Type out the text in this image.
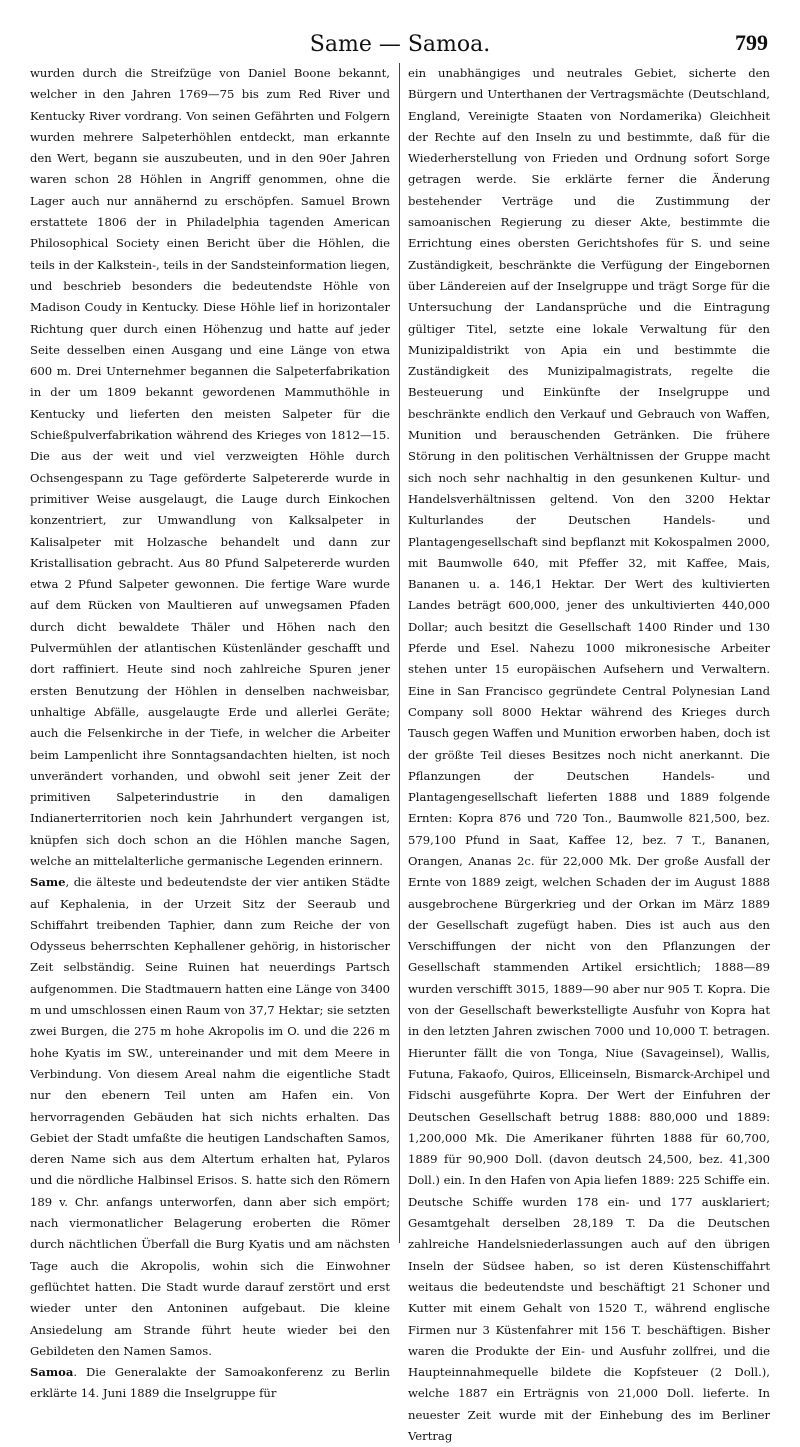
Same — Samoa.	799

wurden durch die Streifzüge von Daniel Boone bekannt, welcher in den Jahren 1769—75 bis zum Red River und Kentucky River vordrang. Von seinen Gefährten und Folgern wurden mehrere Salpeterhöhlen entdeckt, man erkannte den Wert, begann sie auszubeuten, und in den 90er Jahren waren schon 28 Höhlen in Angriff genommen, ohne die Lager auch nur annähernd zu erschöpfen. Samuel Brown erstattete 1806 der in Philadelphia tagenden American Philosophical Society einen Bericht über die Höhlen, die teils in der Kalkstein-, teils in der Sandsteinformation liegen, und beschrieb besonders die bedeutendste Höhle von Madison Coudy in Kentucky. Diese Höhle lief in horizontaler Richtung quer durch einen Höhenzug und hatte auf jeder Seite desselben einen Ausgang und eine Länge von etwa 600 m. Drei Unternehmer begannen die Salpeterfabrikation in der um 1809 bekannt gewordenen Mammuthöhle in Kentucky und lieferten den meisten Salpeter für die Schießpulverfabrikation während des Krieges von 1812—15. Die aus der weit und viel verzweigten Höhle durch Ochsengespann zu Tage geförderte Salpetererde wurde in primitiver Weise ausgelaugt, die Lauge durch Einkochen konzentriert, zur Umwandlung von Kalksalpeter in Kalisalpeter mit Holzasche behandelt und dann zur Kristallisation gebracht. Aus 80 Pfund Salpetererde wurden etwa 2 Pfund Salpeter gewonnen. Die fertige Ware wurde auf dem Rücken von Maultieren auf unwegsamen Pfaden durch dicht bewaldete Thäler und Höhen nach den Pulvermühlen der atlantischen Küstenländer geschafft und dort raffiniert. Heute sind noch zahlreiche Spuren jener ersten Benutzung der Höhlen in denselben nachweisbar, unhaltige Abfälle, ausgelaugte Erde und allerlei Geräte; auch die Felsenkirche in der Tiefe, in welcher die Arbeiter beim Lampenlicht ihre Sonntagsandachten hielten, ist noch unverändert vorhanden, und obwohl seit jener Zeit der primitiven Salpeterindustrie in den damaligen Indianerterritorien noch kein Jahrhundert vergangen ist, knüpfen sich doch schon an die Höhlen manche Sagen, welche an mittelalterliche germanische Legenden erinnern.

Same, die älteste und bedeutendste der vier antiken Städte auf Kephalenia, in der Urzeit Sitz der Seeraub und Schiffahrt treibenden Taphier, dann zum Reiche der von Odysseus beherrschten Kephallener gehörig, in historischer Zeit selbständig. Seine Ruinen hat neuerdings Partsch aufgenommen. Die Stadtmauern hatten eine Länge von 3400 m und umschlossen einen Raum von 37,7 Hektar; sie setzten zwei Burgen, die 275 m hohe Akropolis im O. und die 226 m hohe Kyatis im SW., untereinander und mit dem Meere in Verbindung. Von diesem Areal nahm die eigentliche Stadt nur den ebenern Teil unten am Hafen ein. Von hervorragenden Gebäuden hat sich nichts erhalten. Das Gebiet der Stadt umfaßte die heutigen Landschaften Samos, deren Name sich aus dem Altertum erhalten hat, Pylaros und die nördliche Halbinsel Erisos. S. hatte sich den Römern 189 v. Chr. anfangs unterworfen, dann aber sich empört; nach viermonatlicher Belagerung eroberten die Römer durch nächtlichen Überfall die Burg Kyatis und am nächsten Tage auch die Akropolis, wohin sich die Einwohner geflüchtet hatten. Die Stadt wurde darauf zerstört und erst wieder unter den Antoninen aufgebaut. Die kleine Ansiedelung am Strande führt heute wieder bei den Gebildeten den Namen Samos.

Samoa. Die Generalakte der Samoakonferenz zu Berlin erklärte 14. Juni 1889 die Inselgruppe für

ein unabhängiges und neutrales Gebiet, sicherte den Bürgern und Unterthanen der Vertragsmächte (Deutschland, England, Vereinigte Staaten von Nordamerika) Gleichheit der Rechte auf den Inseln zu und bestimmte, daß für die Wiederherstellung von Frieden und Ordnung sofort Sorge getragen werde. Sie erklärte ferner die Änderung bestehender Verträge und die Zustimmung der samoanischen Regierung zu dieser Akte, bestimmte die Errichtung eines obersten Gerichtshofes für S. und seine Zuständigkeit, beschränkte die Verfügung der Eingebornen über Ländereien auf der Inselgruppe und trägt Sorge für die Untersuchung der Landansprüche und die Eintragung gültiger Titel, setzte eine lokale Verwaltung für den Munizipaldistrikt von Apia ein und bestimmte die Zuständigkeit des Munizipalmagistrats, regelte die Besteuerung und Einkünfte der Inselgruppe und beschränkte endlich den Verkauf und Gebrauch von Waffen, Munition und berauschenden Getränken. Die frühere Störung in den politischen Verhältnissen der Gruppe macht sich noch sehr nachhaltig in den gesunkenen Kultur- und Handelsverhältnissen geltend. Von den 3200 Hektar Kulturlandes der Deutschen Handels- und Plantagengesellschaft sind bepflanzt mit Kokospalmen 2000, mit Baumwolle 640, mit Pfeffer 32, mit Kaffee, Mais, Bananen u. a. 146,1 Hektar. Der Wert des kultivierten Landes beträgt 600,000, jener des unkultivierten 440,000 Dollar; auch besitzt die Gesellschaft 1400 Rinder und 130 Pferde und Esel. Nahezu 1000 mikronesische Arbeiter stehen unter 15 europäischen Aufsehern und Verwaltern. Eine in San Francisco gegründete Central Polynesian Land Company soll 8000 Hektar während des Krieges durch Tausch gegen Waffen und Munition erworben haben, doch ist der größte Teil dieses Besitzes noch nicht anerkannt. Die Pflanzungen der Deutschen Handels- und Plantagengesellschaft lieferten 1888 und 1889 folgende Ernten: Kopra 876 und 720 Ton., Baumwolle 821,500, bez. 579,100 Pfund in Saat, Kaffee 12, bez. 7 T., Bananen, Orangen, Ananas 2c. für 22,000 Mk. Der große Ausfall der Ernte von 1889 zeigt, welchen Schaden der im August 1888 ausgebrochene Bürgerkrieg und der Orkan im März 1889 der Gesellschaft zugefügt haben. Dies ist auch aus den Verschiffungen der nicht von den Pflanzungen der Gesellschaft stammenden Artikel ersichtlich; 1888—89 wurden verschifft 3015, 1889—90 aber nur 905 T. Kopra. Die von der Gesellschaft bewerkstelligte Ausfuhr von Kopra hat in den letzten Jahren zwischen 7000 und 10,000 T. betragen. Hierunter fällt die von Tonga, Niue (Savageinsel), Wallis, Futuna, Fakaofo, Quiros, Elliceinseln, Bismarck-Archipel und Fidschi ausgeführte Kopra. Der Wert der Einfuhren der Deutschen Gesellschaft betrug 1888: 880,000 und 1889: 1,200,000 Mk. Die Amerikaner führten 1888 für 60,700, 1889 für 90,900 Doll. (davon deutsch 24,500, bez. 41,300 Doll.) ein. In den Hafen von Apia liefen 1889: 225 Schiffe ein. Deutsche Schiffe wurden 178 ein- und 177 ausklariert; Gesamtgehalt derselben 28,189 T. Da die Deutschen zahlreiche Handelsniederlassungen auch auf den übrigen Inseln der Südsee haben, so ist deren Küstenschiffahrt weitaus die bedeutendste und beschäftigt 21 Schoner und Kutter mit einem Gehalt von 1520 T., während englische Firmen nur 3 Küstenfahrer mit 156 T. beschäftigen. Bisher waren die Produkte der Ein- und Ausfuhr zollfrei, und die Haupteinnahmequelle bildete die Kopfsteuer (2 Doll.), welche 1887 ein Erträgnis von 21,000 Doll. lieferte. In neuester Zeit wurde mit der Einhebung des im Berliner Vertrag
